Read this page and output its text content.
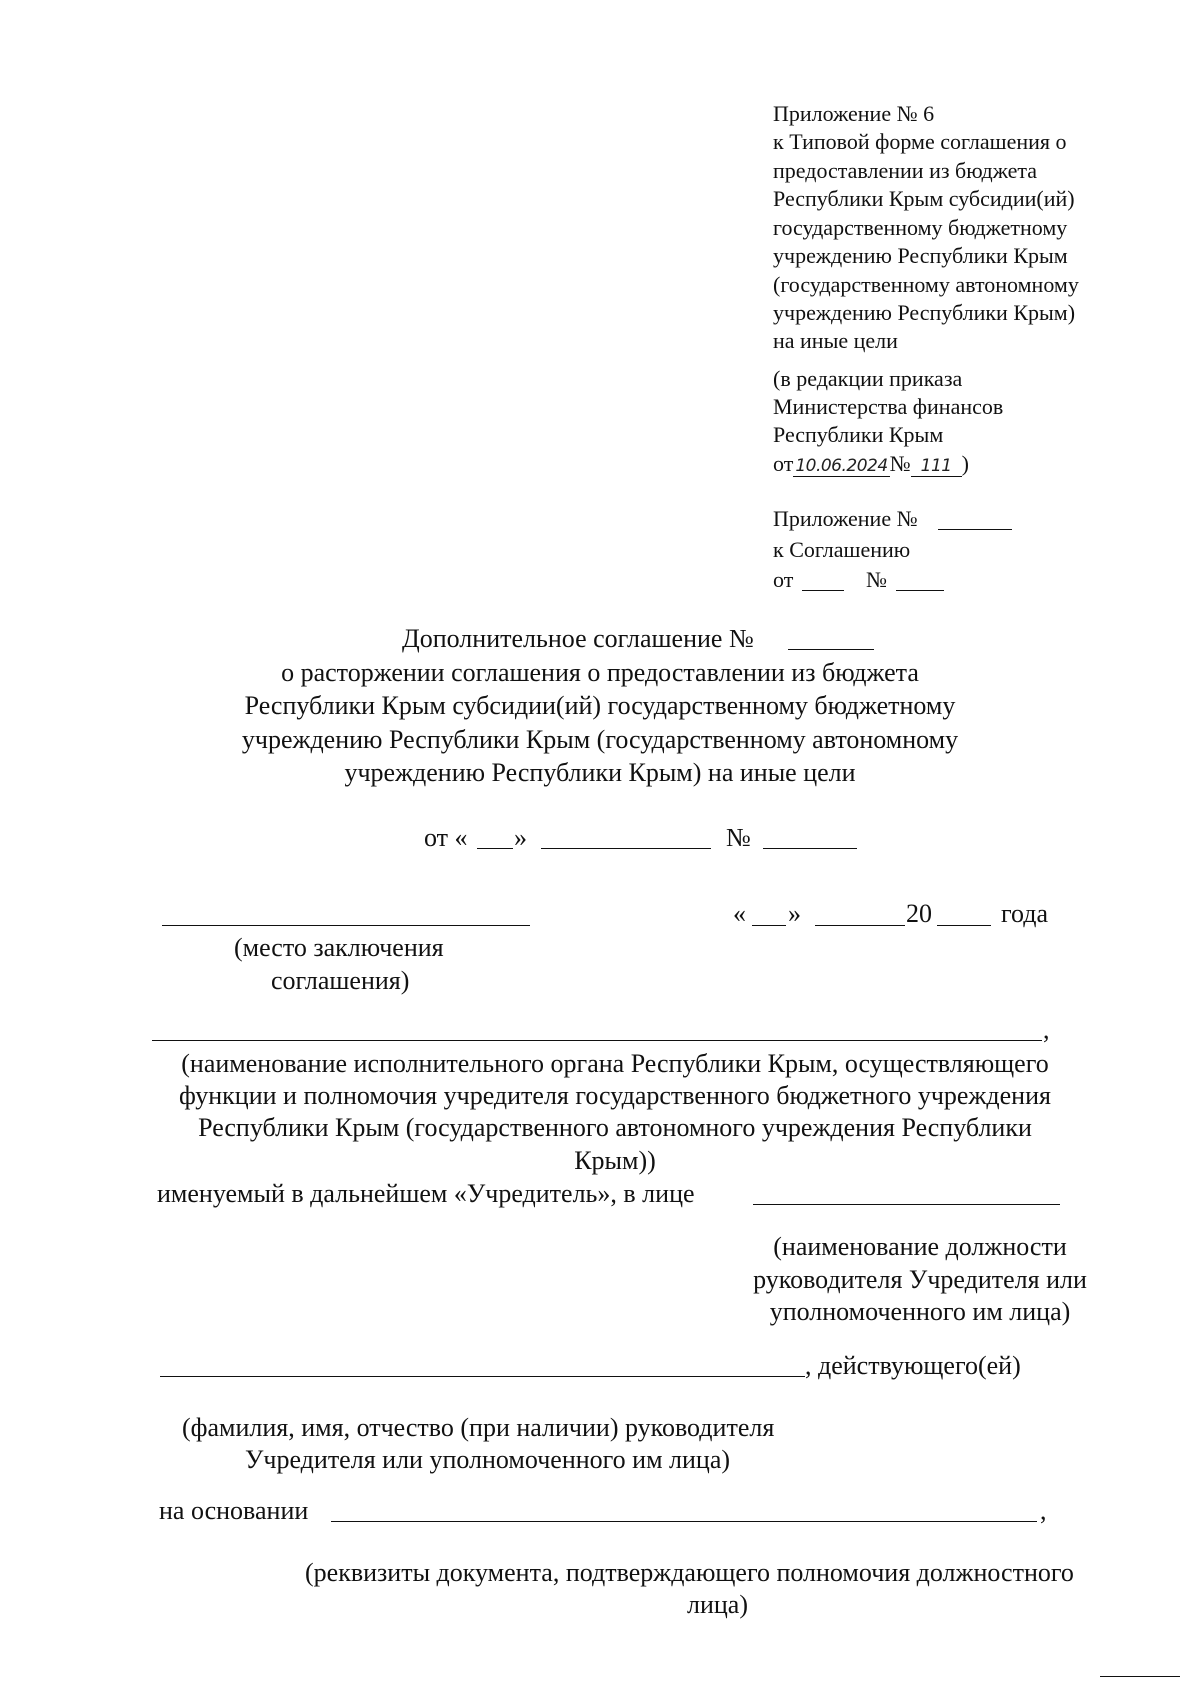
Приложение № 6
к Типовой форме соглашения о
предоставлении из бюджета
Республики Крым субсидии(ий)
государственному бюджетному
учреждению Республики Крым
(государственному автономному
учреждению Республики Крым)
на иные цели
(в редакции приказа
Министерства финансов
Республики Крым
от 10.06.2024№ 111 )
Приложение №
к Соглашению
от	№
Дополнительное соглашение №
о расторжении соглашения о предоставлении из бюджета
Республики Крым субсидии(ий) государственному бюджетному
учреждению Республики Крым (государственному автономному
учреждению Республики Крым) на иные цели
от « »	№
« »	20	года
(место заключения
соглашения)
,
(наименование исполнительного органа Республики Крым, осуществляющего
функции и полномочия учредителя государственного бюджетного учреждения
Республики Крым (государственного автономного учреждения Республики
Крым))
именуемый в дальнейшем «Учредитель», в лице
(наименование должности
руководителя Учредителя или
уполномоченного им лица)
, действующего(ей)
(фамилия, имя, отчество (при наличии) руководителя
Учредителя или уполномоченного им лица)
на основании	,
(реквизиты документа, подтверждающего полномочия должностного
лица)
